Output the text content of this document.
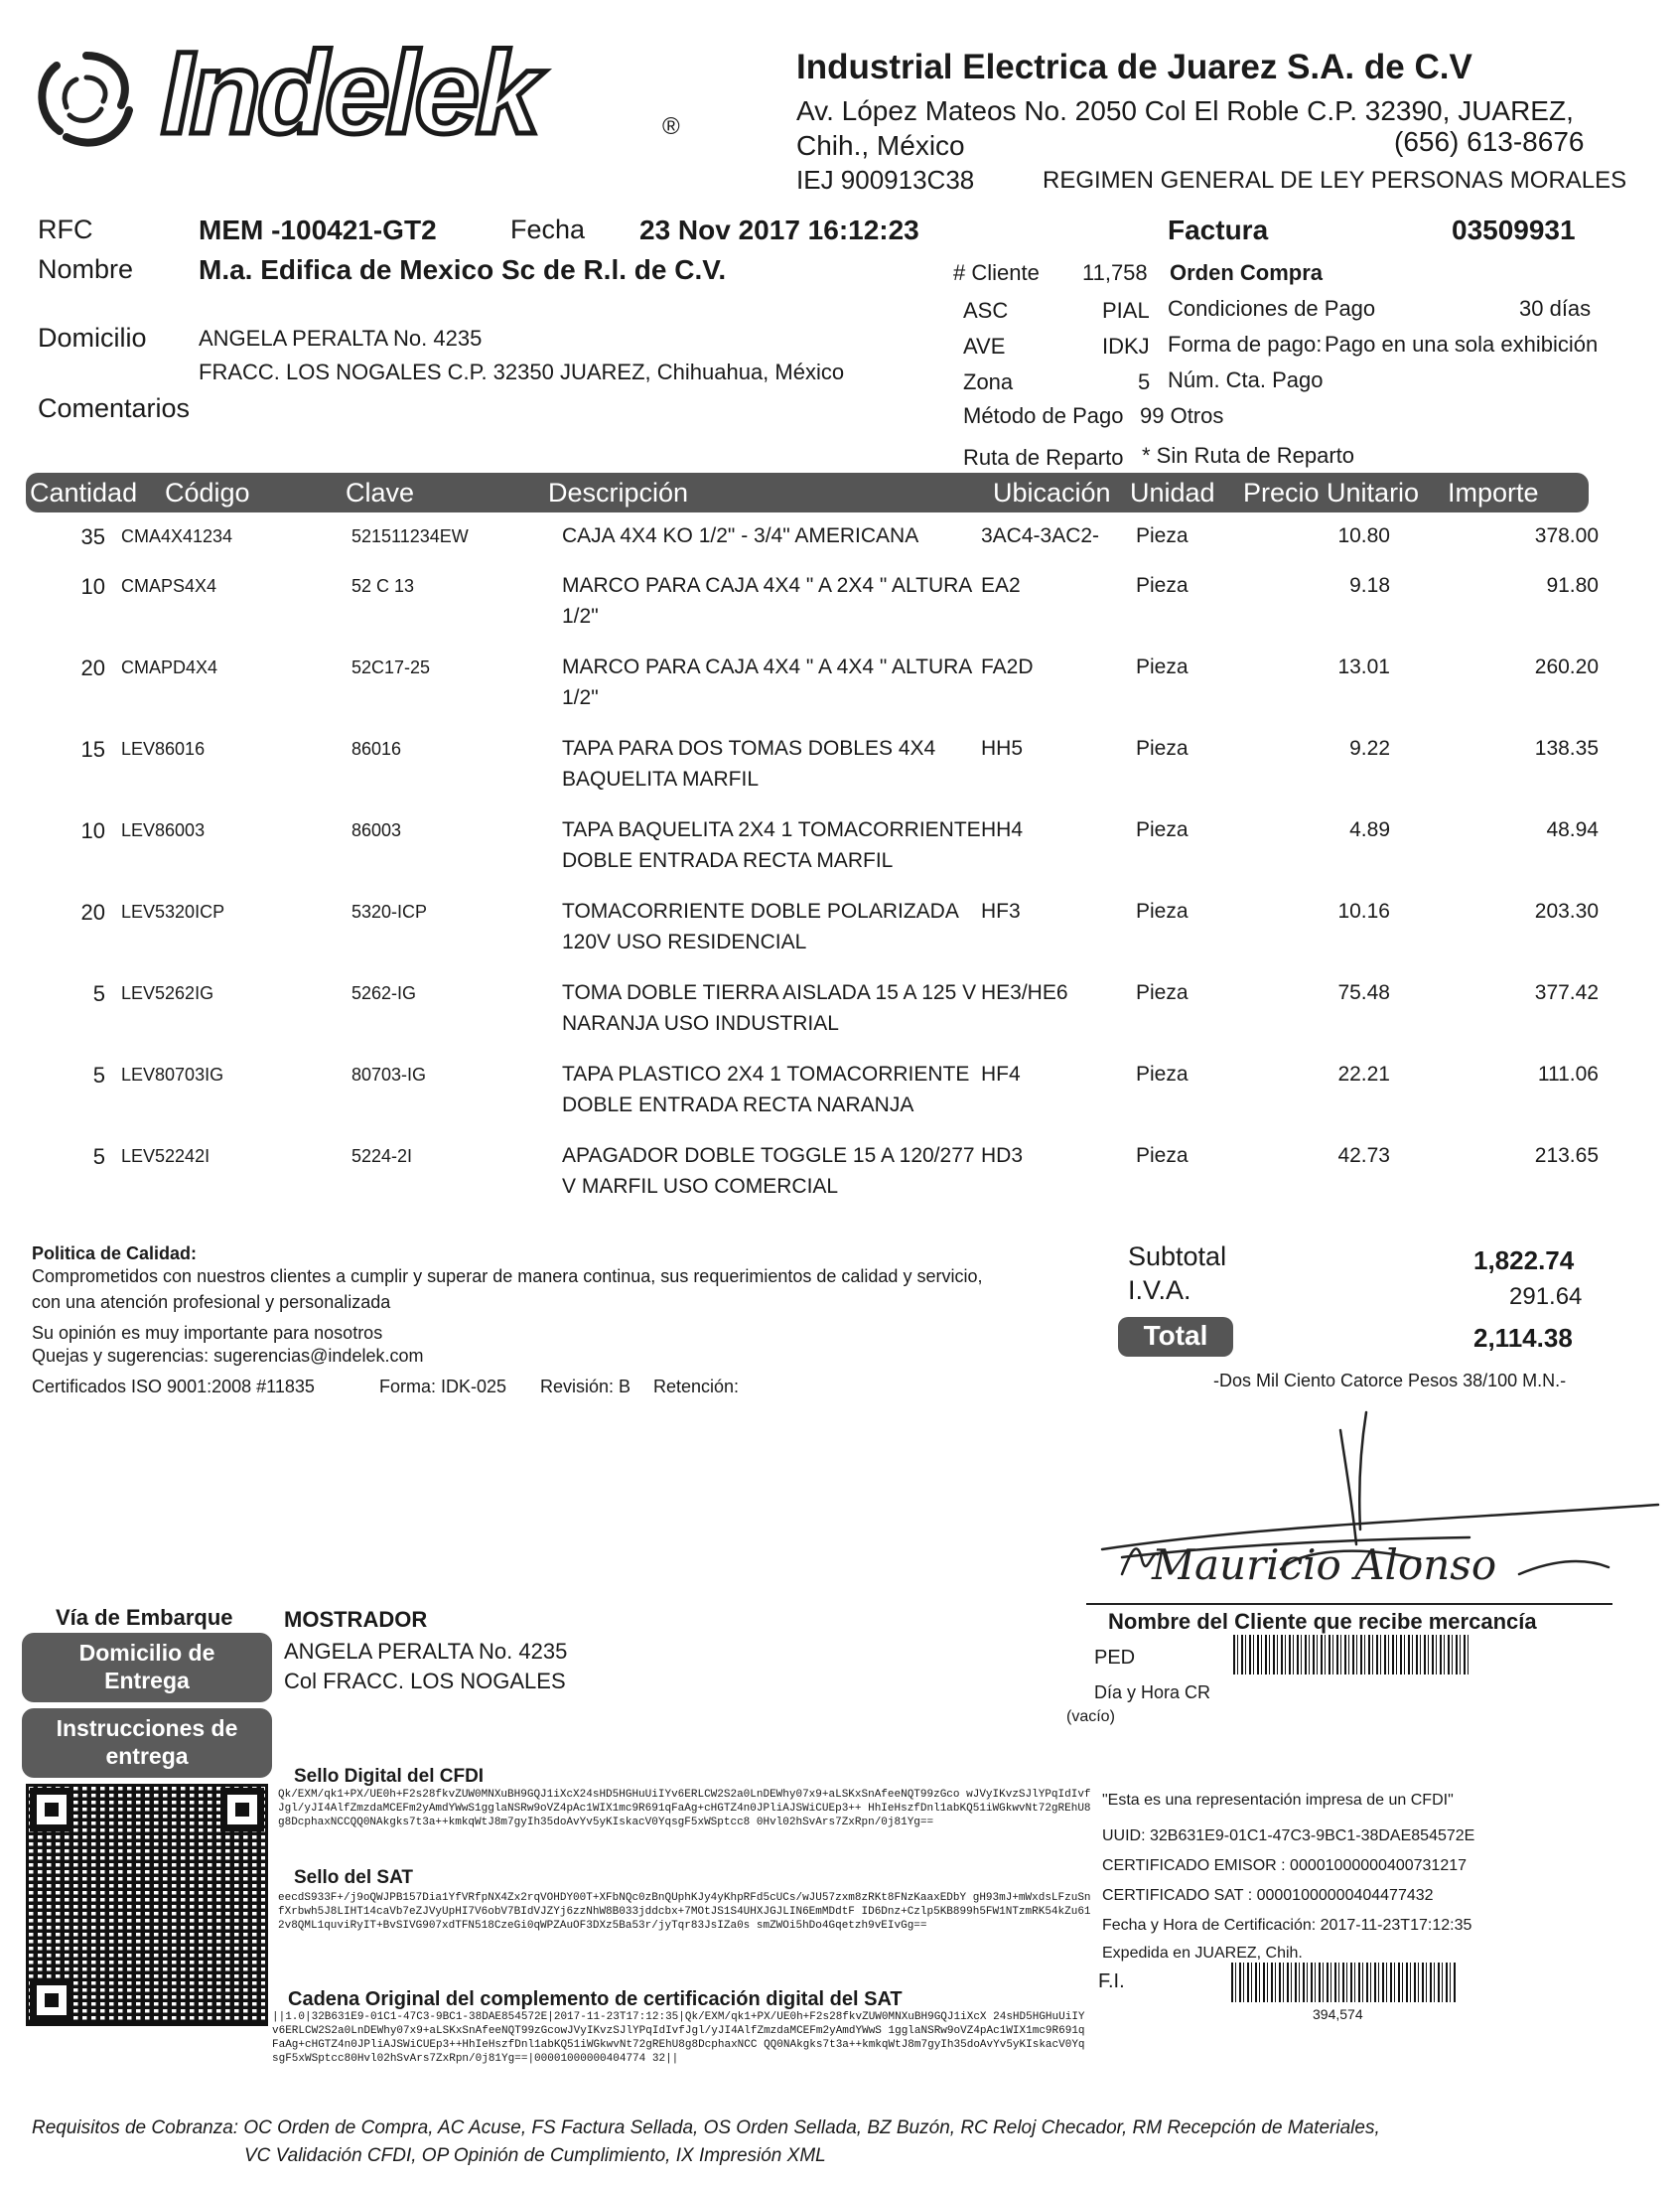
Indelek	®
Industrial Electrica de Juarez S.A. de C.V
Av. López Mateos No. 2050 Col El Roble C.P. 32390, JUAREZ,
Chih., México	(656) 613-8676
IEJ 900913C38	REGIMEN GENERAL DE LEY PERSONAS MORALES
RFC	MEM -100421-GT2	Fecha 23 Nov 2017 16:12:23	Factura	03509931
Nombre M.a. Edifica de Mexico Sc de R.l. de C.V.
Domicilio ANGELA PERALTA No. 4235
FRACC. LOS NOGALES C.P. 32350 JUAREZ, Chihuahua, México
Comentarios
# Cliente 11,758 Orden Compra
ASC	PIAL Condiciones de Pago	30 días
AVE	IDKJ Forma de pago: Pago en una sola exhibición
Zona	5 Núm. Cta. Pago
Método de Pago 99 Otros
Ruta de Reparto * Sin Ruta de Reparto
Cantidad Código	Clave	Descripción	Ubicación Unidad Precio Unitario Importe
35 CMA4X41234	521511234EW	CAJA 4X4 KO 1/2" - 3/4" AMERICANA	3AC4-3AC2- Pieza	10.80	378.00
10 CMAPS4X4	52 C 13	MARCO PARA CAJA 4X4 " A 2X4 " ALTURA EA2	Pieza	9.18	91.80
1/2"
20 CMAPD4X4	52C17-25	MARCO PARA CAJA 4X4 " A 4X4 " ALTURA FA2D	Pieza	13.01	260.20
1/2"
15 LEV86016	86016	TAPA PARA DOS TOMAS DOBLES 4X4 HH5	Pieza	9.22	138.35
BAQUELITA MARFIL
10 LEV86003	86003	TAPA BAQUELITA 2X4 1 TOMACORRIENTE HH4	Pieza	4.89	48.94
DOBLE ENTRADA RECTA MARFIL
20 LEV5320ICP	5320-ICP	TOMACORRIENTE DOBLE POLARIZADA HF3	Pieza	10.16	203.30
120V USO RESIDENCIAL
5 LEV5262IG	5262-IG	TOMA DOBLE TIERRA AISLADA 15 A 125 V HE3/HE6	Pieza	75.48	377.42
NARANJA USO INDUSTRIAL
5 LEV80703IG	80703-IG	TAPA PLASTICO 2X4 1 TOMACORRIENTE HF4	Pieza	22.21	111.06
DOBLE ENTRADA RECTA NARANJA
5 LEV52242I	5224-2I	APAGADOR DOBLE TOGGLE 15 A 120/277 HD3	Pieza	42.73	213.65
V MARFIL USO COMERCIAL
Politica de Calidad:
Comprometidos con nuestros clientes a cumplir y superar de manera continua, sus requerimientos de calidad y servicio,
con una atención profesional y personalizada
Su opinión es muy importante para nosotros
Quejas y sugerencias: sugerencias@indelek.com
Certificados ISO 9001:2008 #11835	Forma: IDK-025 Revisión: B Retención:
Subtotal	1,822.74
I.V.A.	291.64
Total	2,114.38
-Dos Mil Ciento Catorce Pesos 38/100 M.N.-
Mauricio Alonso
Vía de Embarque MOSTRADOR
Domicilio de Entrega
Instrucciones de entrega
ANGELA PERALTA No. 4235
Col FRACC. LOS NOGALES
Nombre del Cliente que recibe mercancía
PED
Día y Hora CR
(vacío)
Sello Digital del CFDI
Qk/EXM/qk1+PX/UE0h+F2s28fkvZUW0MNXuBH9GQJ1iXcX24sHD5HGHuUiIYv6ERLCW2S2a0LnDEWhy07x9+aLSKxSnAfeeNQT99zGco wJVyIKvzSJlYPqIdIvfJgl/yJI4AlfZmzdaMCEFm2yAmdYWwS1gglaNSRw9oVZ4pAc1WIX1mc9R691qFaAg+cHGTZ4n0JPliAJSWiCUEp3++ HhIeHszfDnl1abKQ51iWGkwvNt72gREhU8g8DcphaxNCCQQ0NAkgks7t3a++kmkqWtJ8m7gyIh35doAvYv5yKIskacV0YqsgF5xWSptcc8 0Hvl02hSvArs7ZxRpn/0j81Yg==
Sello del SAT
eecdS933F+/j9oQWJPB157Dia1YfVRfpNX4Zx2rqVOHDY00T+XFbNQc0zBnQUphKJy4yKhpRFd5cUCs/wJU57zxm8zRKt8FNzKaaxEDbY gH93mJ+mWxdsLFzuSnfXrbwh5J8LIHT14caVb7eZJVyUpHI7V6obV7BIdVJZYj6zzNhW8B033jddcbx+7MOtJS1S4UHXJGJLIN6EmMDdtF ID6Dnz+Czlp5KB899h5FW1NTzmRK54kZu612v8QML1quviRyIT+BvSIVG907xdTFN518CzeGi0qWPZAuOF3DXz5Ba53r/jyTqr83JsIZa0s smZWOi5hDo4Gqetzh9vEIvGg==
Cadena Original del complemento de certificación digital del SAT
||1.0|32B631E9-01C1-47C3-9BC1-38DAE854572E|2017-11-23T17:12:35|Qk/EXM/qk1+PX/UE0h+F2s28fkvZUW0MNXuBH9GQJ1iXcX 24sHD5HGHuUiIYv6ERLCW2S2a0LnDEWhy07x9+aLSKxSnAfeeNQT99zGcowJVyIKvzSJlYPqIdIvfJgl/yJI4AlfZmzdaMCEFm2yAmdYWwS 1gglaNSRw9oVZ4pAc1WIX1mc9R691qFaAg+cHGTZ4n0JPliAJSWiCUEp3++HhIeHszfDnl1abKQ51iWGkwvNt72gREhU8g8DcphaxNCC QQ0NAkgks7t3a++kmkqWtJ8m7gyIh35doAvYv5yKIskacV0YqsgF5xWSptcc80Hvl02hSvArs7ZxRpn/0j81Yg==|00001000000404774 32||
"Esta es una representación impresa de un CFDI"
UUID: 32B631E9-01C1-47C3-9BC1-38DAE854572E
CERTIFICADO EMISOR : 00001000000400731217
CERTIFICADO SAT : 00001000000404477432
Fecha y Hora de Certificación: 2017-11-23T17:12:35
Expedida en JUAREZ, Chih.
F.I.
394,574
Requisitos de Cobranza: OC Orden de Compra, AC Acuse, FS Factura Sellada, OS Orden Sellada, BZ Buzón, RC Reloj Checador, RM Recepción de Materiales,
VC Validación CFDI, OP Opinión de Cumplimiento, IX Impresión XML
